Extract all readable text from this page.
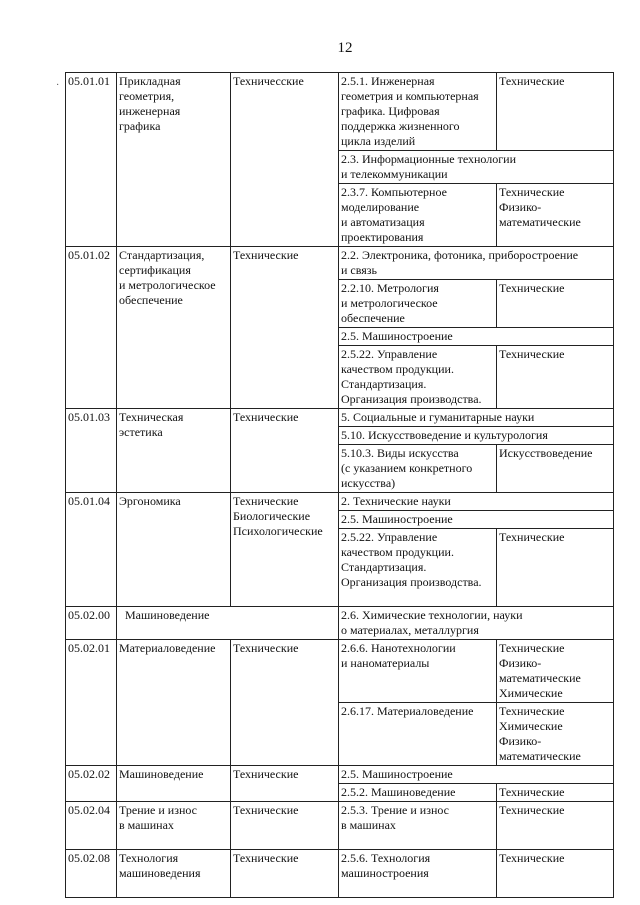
·
12
05.01.01	Прикладная
геометрия,
инженерная
графика	Техничесские	2.5.1. Инженерная
геометрия и компьютерная
графика. Цифровая
поддержка жизненного
цикла изделий	Технические
			2.3. Информационные технологии
и телекоммуникации	
			2.3.7. Компьютерное
моделирование
и автоматизация
проектирования	Технические
Физико-
математические
05.01.02	Стандартизация,
сертификация
и метрологическое
обеспечение	Технические	2.2. Электроника, фотоника, приборостроение
и связь	
			2.2.10. Метрология
и метрологическое
обеспечение	Технические
			2.5. Машиностроение	
			2.5.22. Управление
качеством продукции.
Стандартизация.
Организация производства.	Технические
05.01.03	Техническая
эстетика	Технические	5. Социальные и гуманитарные науки	
			5.10. Искусствоведение и культурология	
			5.10.3. Виды искусства
(с указанием конкретного
искусства)	Искусствоведение
05.01.04	Эргономика	Технические
Биологические
Психологические	2. Технические науки	
			2.5. Машиностроение	
			2.5.22. Управление
качеством продукции.
Стандартизация.
Организация производства.	Технические
05.02.00	Машиноведение		2.6. Химические технологии, науки
о материалах, металлургия	
05.02.01	Материаловедение	Технические	2.6.6. Нанотехнологии
и наноматериалы	Технические
Физико-
математические
Химические
			2.6.17. Материаловедение	Технические
Химические
Физико-
математические
05.02.02	Машиноведение	Технические	2.5. Машиностроение	
			2.5.2. Машиноведение	Технические
05.02.04	Трение и износ
в машинах	Технические	2.5.3. Трение и износ
в машинах	Технические
05.02.08	Технология
машиноведения	Технические	2.5.6. Технология
машиностроения	Технические
